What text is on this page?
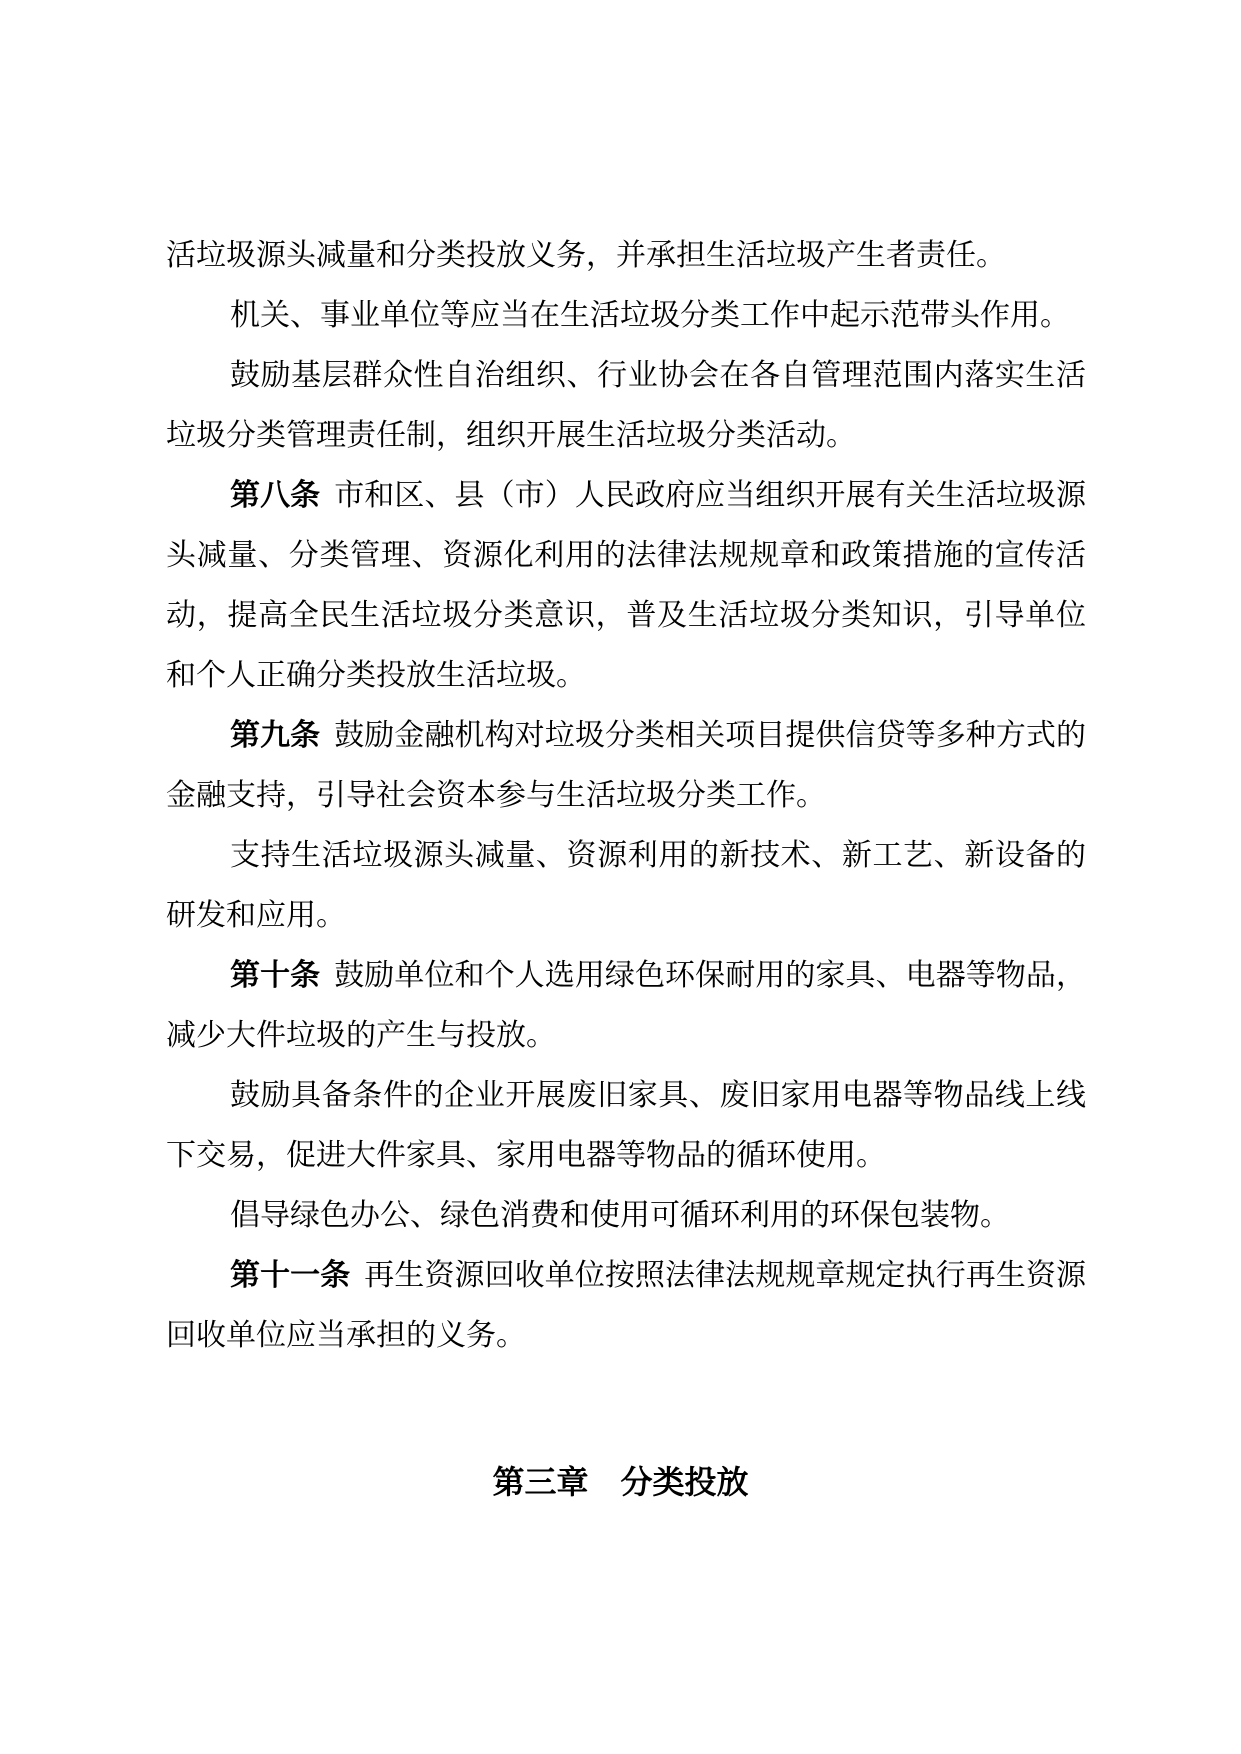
活垃圾源头减量和分类投放义务，并承担生活垃圾产生者责任。

机关、事业单位等应当在生活垃圾分类工作中起示范带头作用。

鼓励基层群众性自治组织、行业协会在各自管理范围内落实生活垃圾分类管理责任制，组织开展生活垃圾分类活动。

第八条 市和区、县（市）人民政府应当组织开展有关生活垃圾源头减量、分类管理、资源化利用的法律法规规章和政策措施的宣传活动，提高全民生活垃圾分类意识，普及生活垃圾分类知识，引导单位和个人正确分类投放生活垃圾。

第九条 鼓励金融机构对垃圾分类相关项目提供信贷等多种方式的金融支持，引导社会资本参与生活垃圾分类工作。

支持生活垃圾源头减量、资源利用的新技术、新工艺、新设备的研发和应用。

第十条 鼓励单位和个人选用绿色环保耐用的家具、电器等物品，减少大件垃圾的产生与投放。

鼓励具备条件的企业开展废旧家具、废旧家用电器等物品线上线下交易，促进大件家具、家用电器等物品的循环使用。

倡导绿色办公、绿色消费和使用可循环利用的环保包装物。

第十一条 再生资源回收单位按照法律法规规章规定执行再生资源回收单位应当承担的义务。

第三章　分类投放
